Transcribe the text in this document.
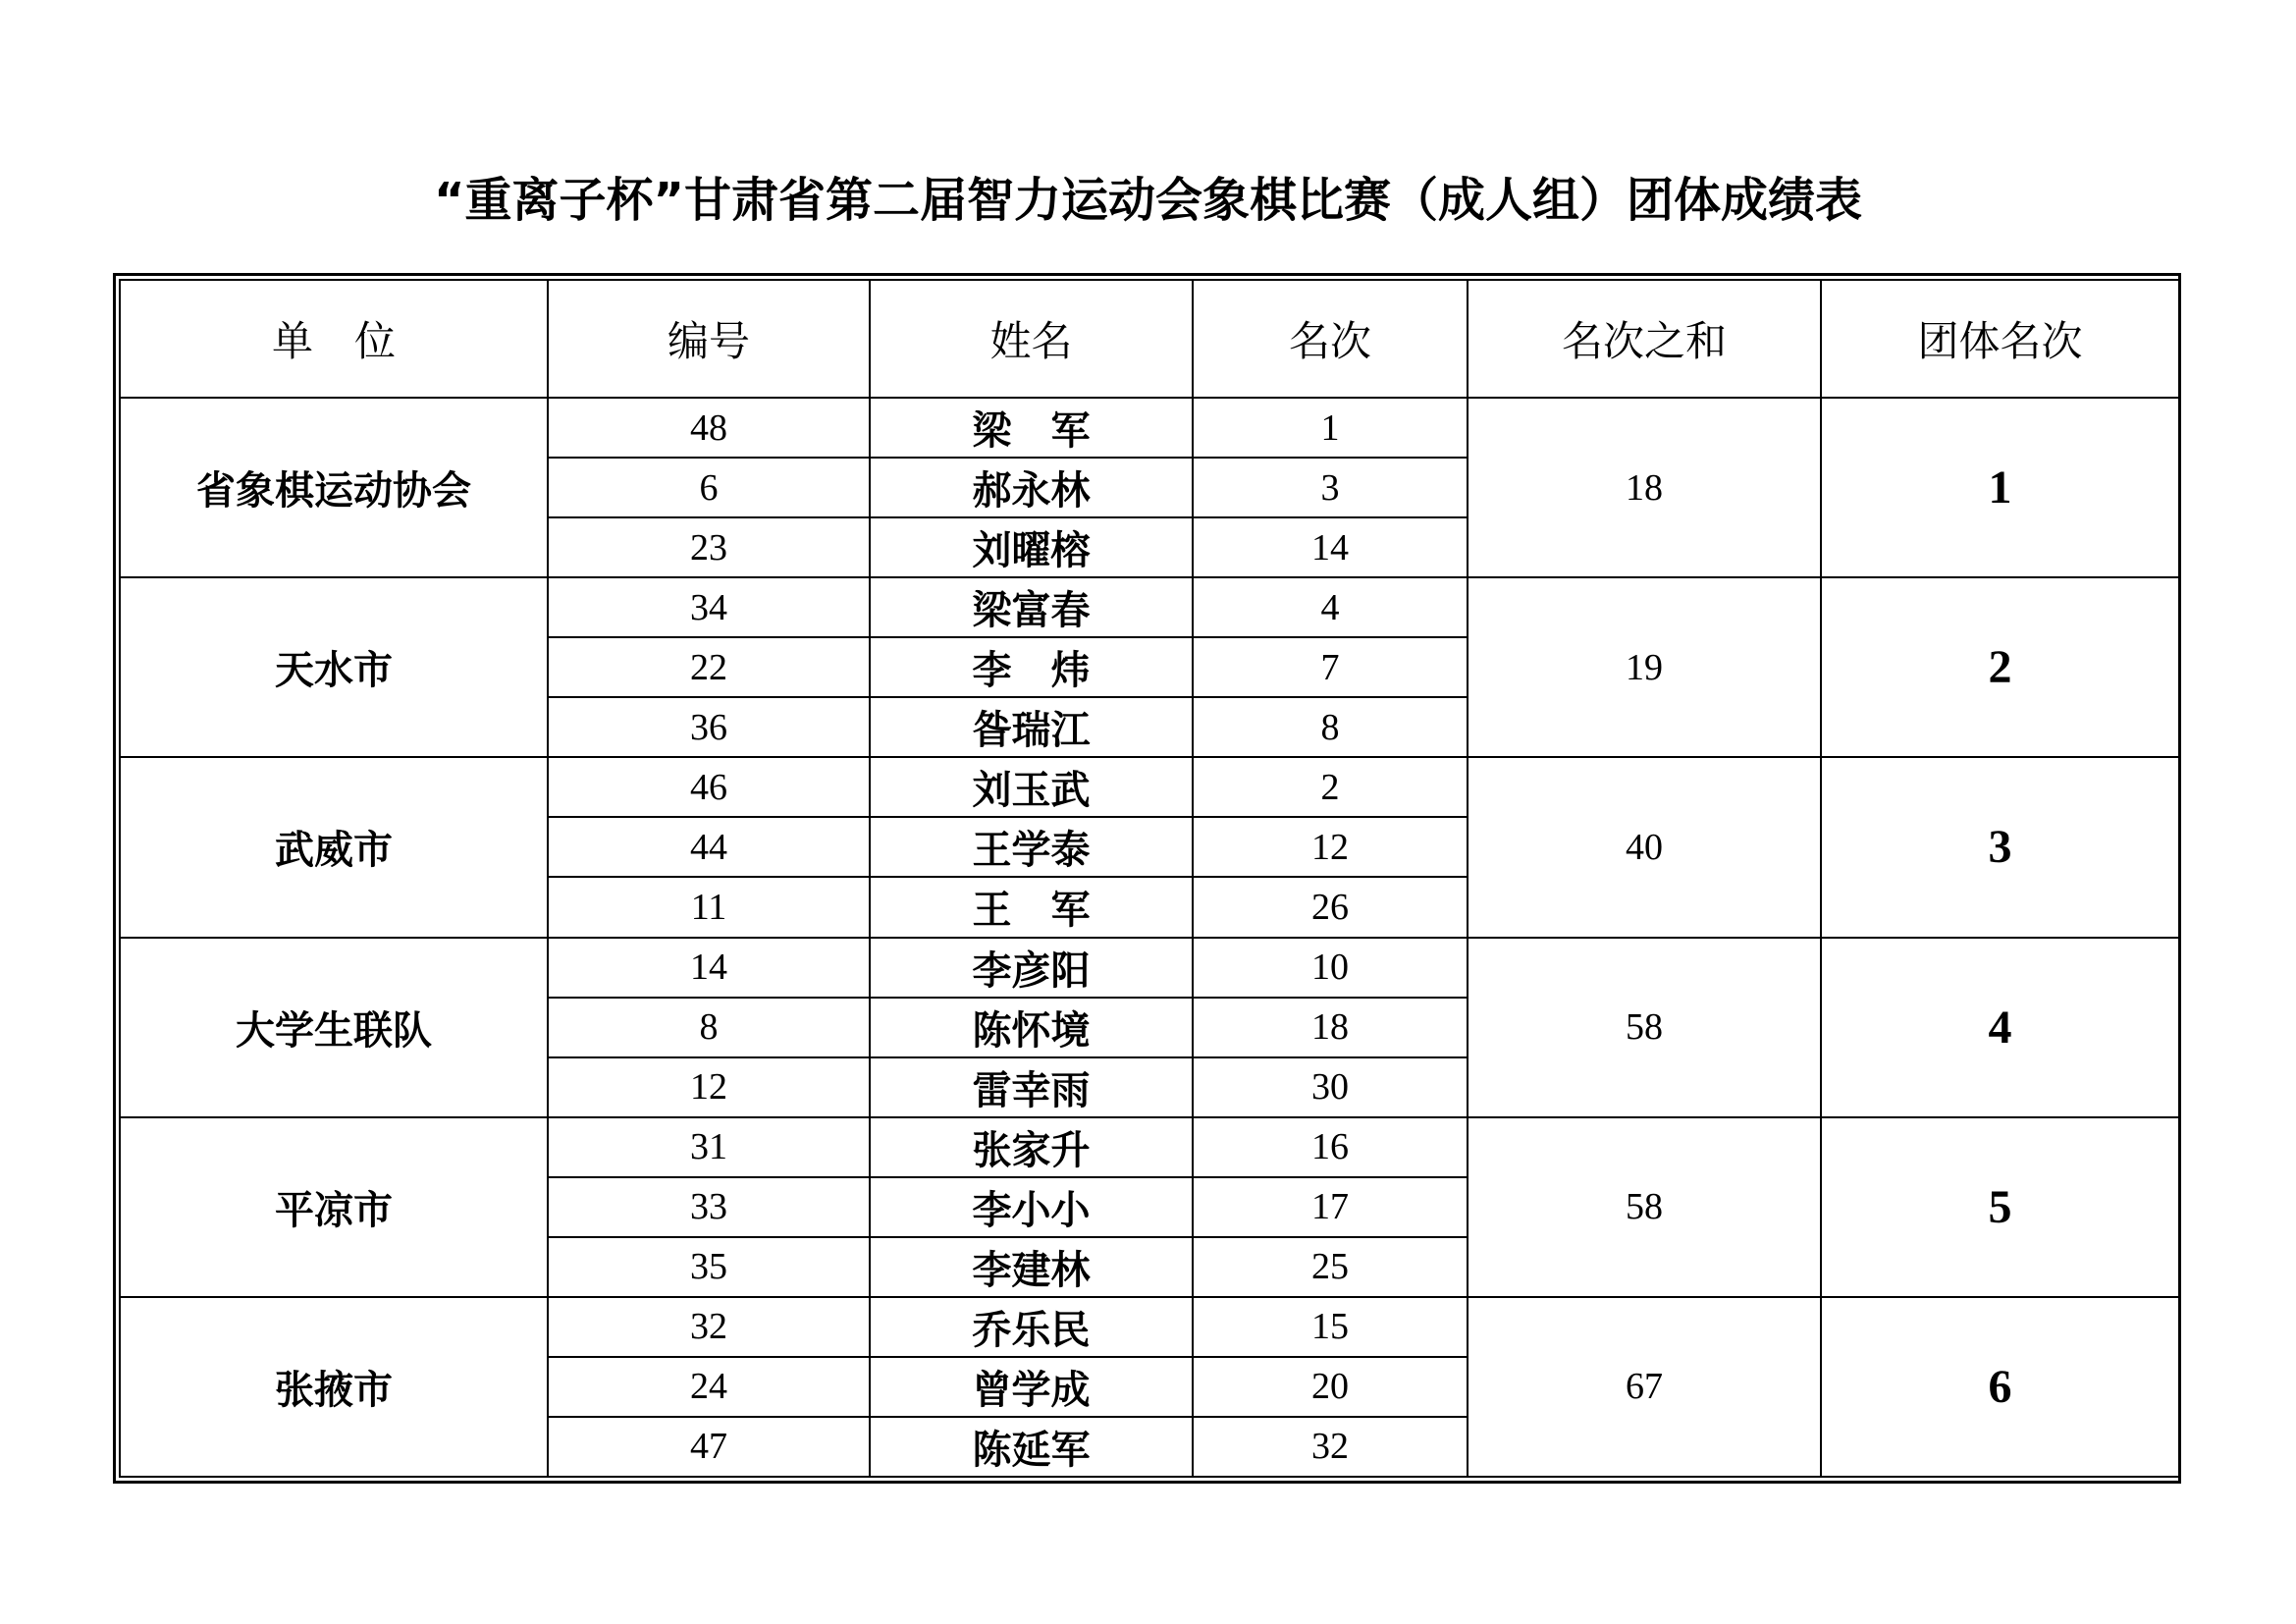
“重离子杯”甘肃省第二届智力运动会象棋比赛（成人组）团体成绩表
单　位	编号	姓名	名次	名次之和	团体名次
省象棋运动协会	48	梁　军	1	18	1
	6	郝永林	3		
	23	刘曜榕	14		
天水市	34	梁富春	4	19	2
	22	李　炜	7		
	36	昝瑞江	8		
武威市	46	刘玉武	2	40	3
	44	王学泰	12		
	11	王　军	26		
大学生联队	14	李彦阳	10	58	4
	8	陈怀境	18		
	12	雷幸雨	30		
平凉市	31	张家升	16	58	5
	33	李小小	17		
	35	李建林	25		
张掖市	32	乔乐民	15	67	6
	24	曾学成	20		
	47	陈延军	32		
